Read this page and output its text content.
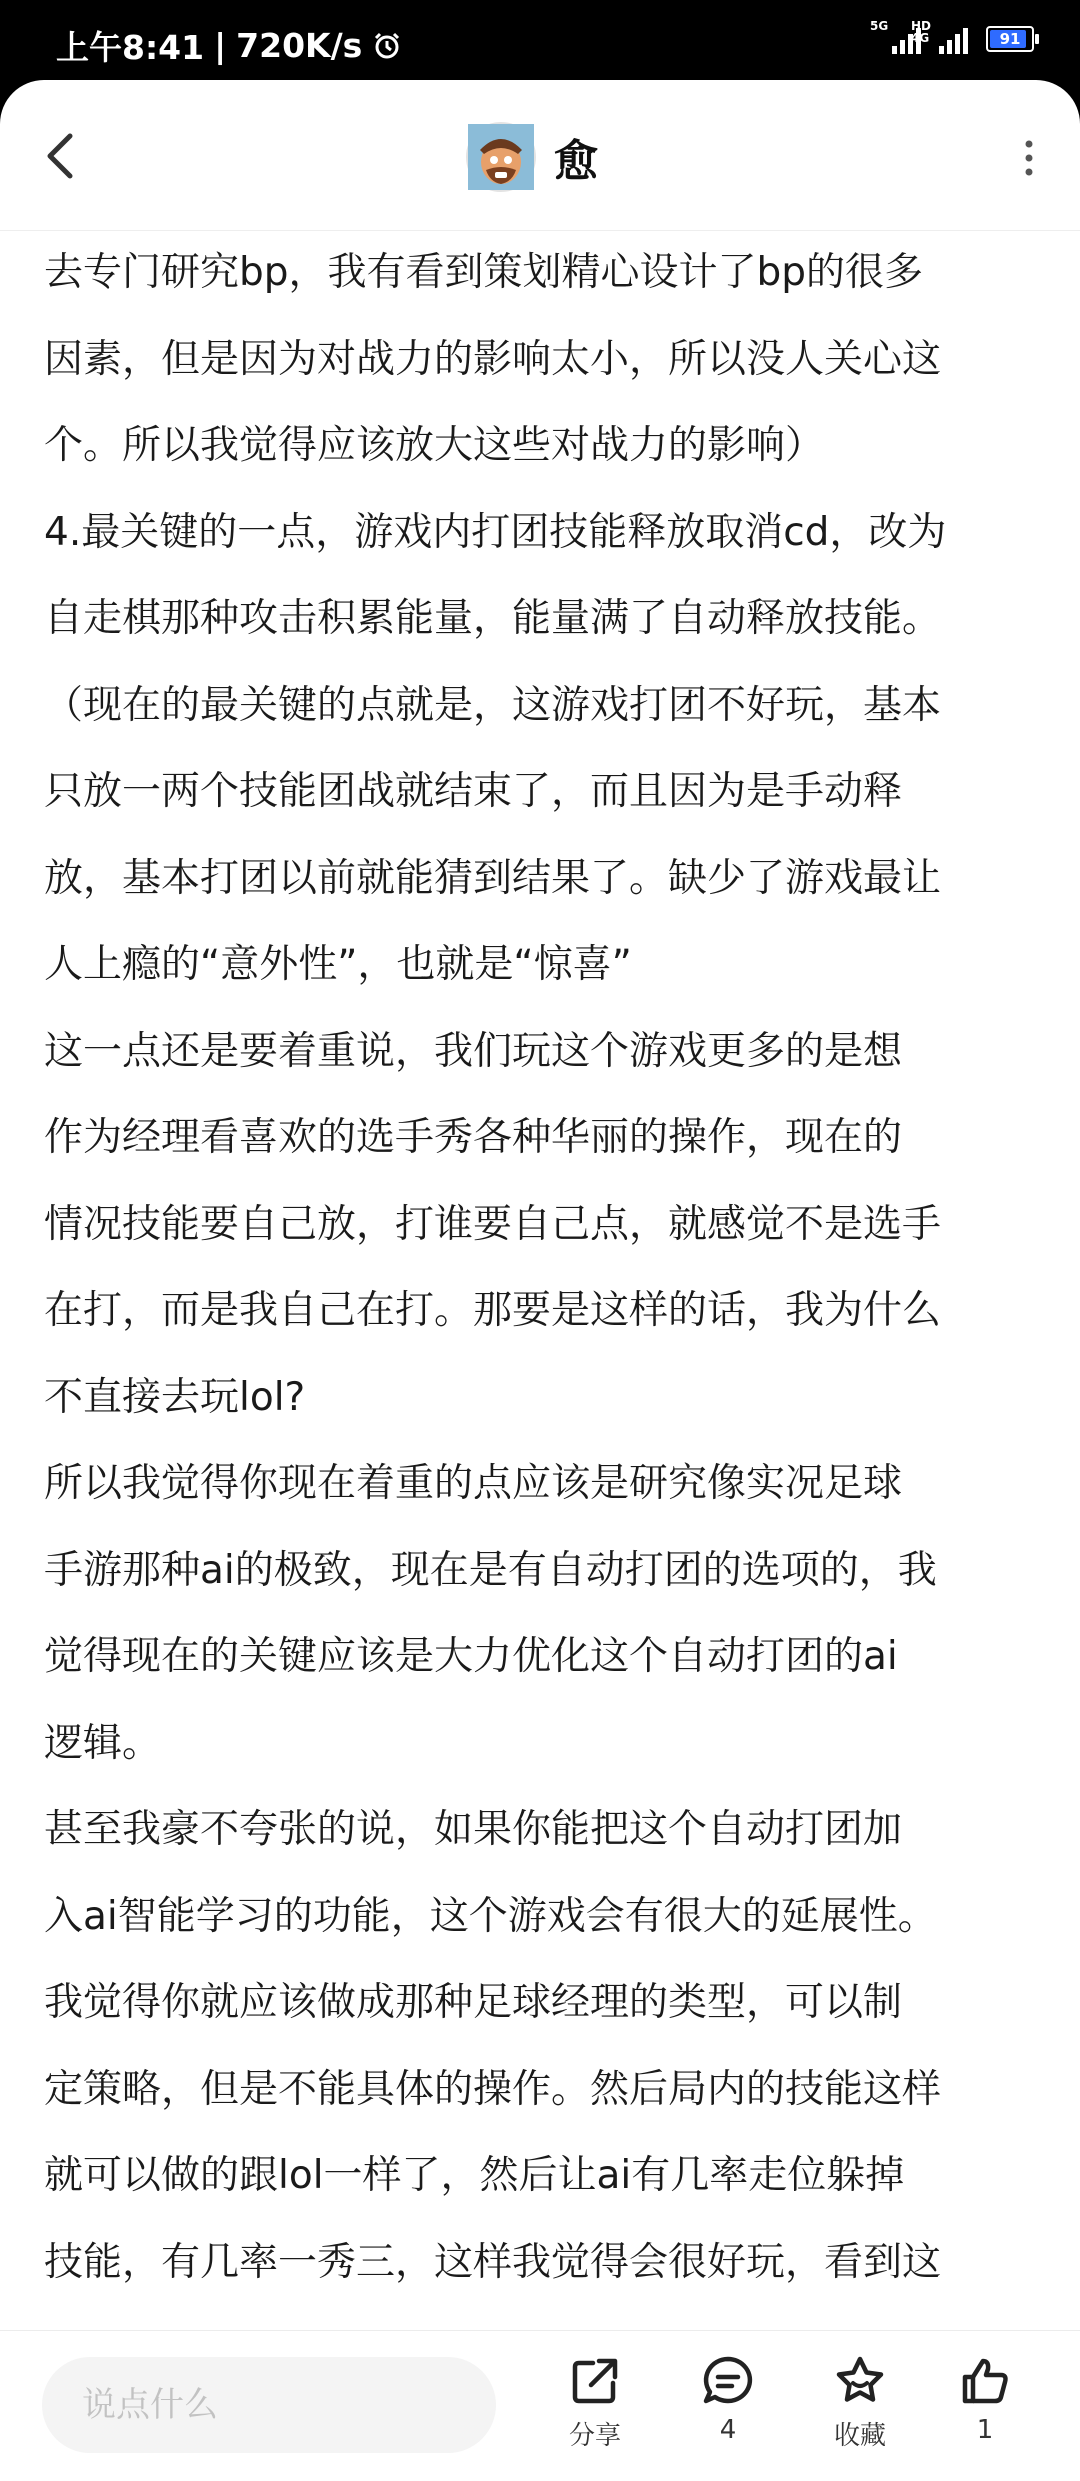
上午8:41 | 720K/s	5G HD 4G	91
愈

去专门研究bp，我有看到策划精心设计了bp的很多

因素，但是因为对战力的影响太小，所以没人关心这

个。所以我觉得应该放大这些对战力的影响）

4.最关键的一点，游戏内打团技能释放取消cd，改为

自走棋那种攻击积累能量，能量满了自动释放技能。

（现在的最关键的点就是，这游戏打团不好玩，基本

只放一两个技能团战就结束了，而且因为是手动释

放，基本打团以前就能猜到结果了。缺少了游戏最让

人上瘾的“意外性”，也就是“惊喜”

这一点还是要着重说，我们玩这个游戏更多的是想

作为经理看喜欢的选手秀各种华丽的操作，现在的

情况技能要自己放，打谁要自己点，就感觉不是选手

在打，而是我自己在打。那要是这样的话，我为什么

不直接去玩lol?

所以我觉得你现在着重的点应该是研究像实况足球

手游那种ai的极致，现在是有自动打团的选项的，我

觉得现在的关键应该是大力优化这个自动打团的ai

逻辑。

甚至我豪不夸张的说，如果你能把这个自动打团加

入ai智能学习的功能，这个游戏会有很大的延展性。

我觉得你就应该做成那种足球经理的类型，可以制

定策略，但是不能具体的操作。然后局内的技能这样

就可以做的跟lol一样了，然后让ai有几率走位躲掉

技能，有几率一秀三，这样我觉得会很好玩，看到这

说点什么
分享	4	收藏	1
